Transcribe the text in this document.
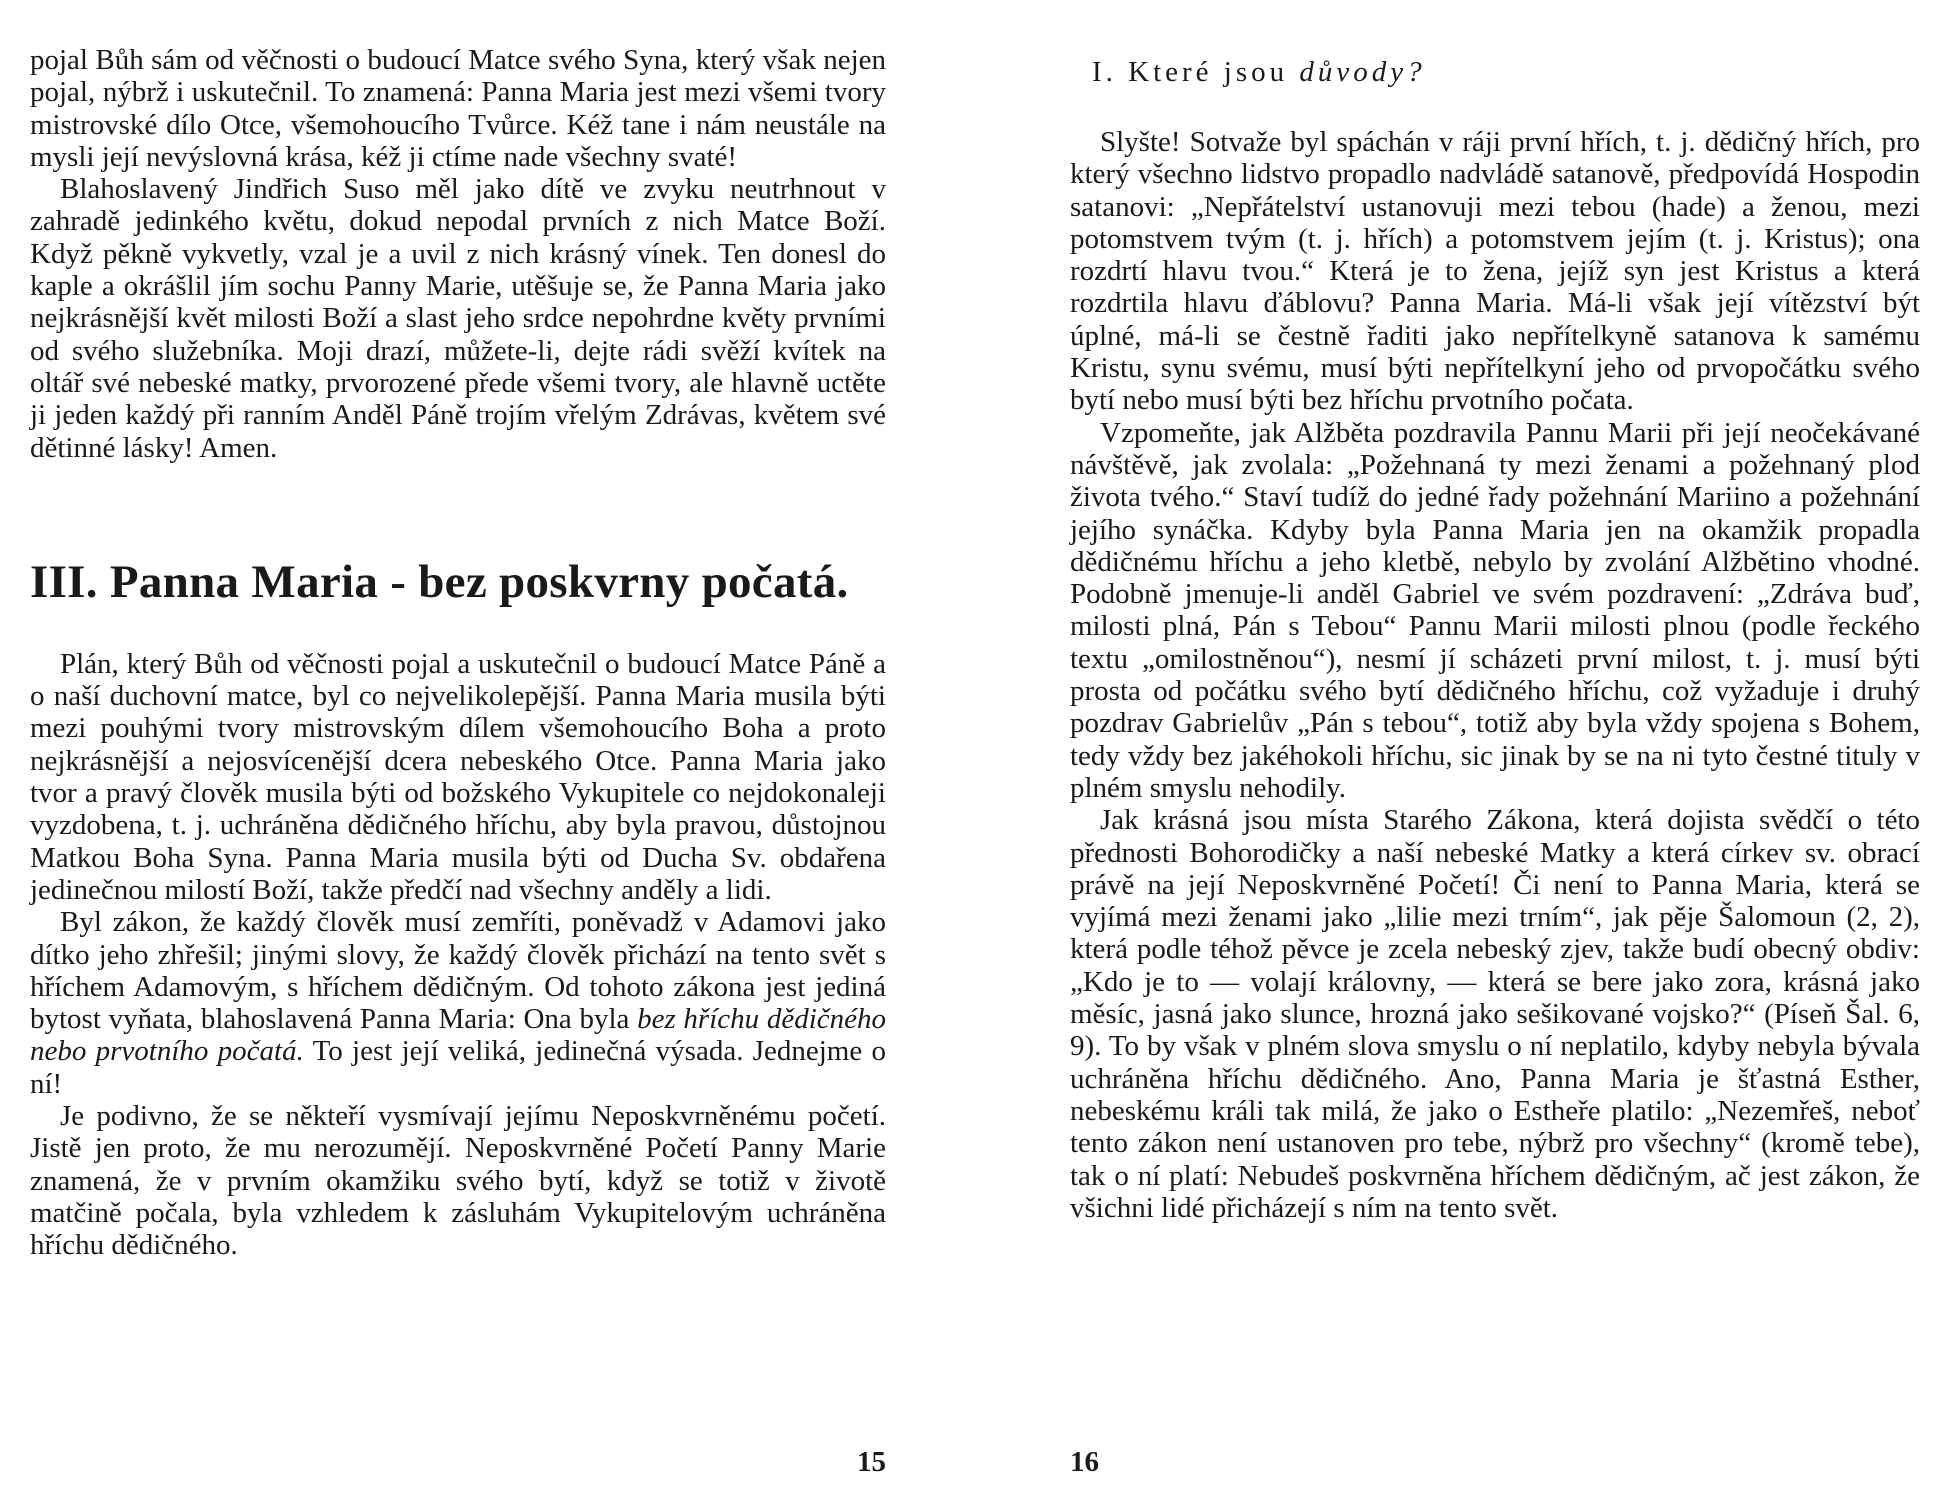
pojal Bůh sám od věčnosti o budoucí Matce svého Syna, který však nejen pojal, nýbrž i uskutečnil. To znamená: Panna Maria jest mezi všemi tvory mistrovské dílo Otce, všemohoucího Tvůrce. Kéž tane i nám neustále na mysli její nevýslovná krása, kéž ji ctíme nade všechny svaté!

Blahoslavený Jindřich Suso měl jako dítě ve zvyku neutrhnout v zahradě jedinkého květu, dokud nepodal prvních z nich Matce Boží. Když pěkně vykvetly, vzal je a uvil z nich krásný vínek. Ten donesl do kaple a okrášlil jím sochu Panny Marie, utěšuje se, že Panna Maria jako nejkrásnější květ milosti Boží a slast jeho srdce nepohrdne květy prvními od svého služebníka. Moji drazí, můžete-li, dejte rádi svěží kvítek na oltář své nebeské matky, prvorozené přede všemi tvory, ale hlavně uctěte ji jeden každý při ranním Anděl Páně trojím vřelým Zdrávas, květem své dětinné lásky! Amen.

III. Panna Maria - bez poskvrny počatá.

Plán, který Bůh od věčnosti pojal a uskutečnil o budoucí Matce Páně a o naší duchovní matce, byl co nejvelikolepější. Panna Maria musila býti mezi pouhými tvory mistrovským dílem všemohoucího Boha a proto nejkrásnější a nejosvícenější dcera nebeského Otce. Panna Maria jako tvor a pravý člověk musila býti od božského Vykupitele co nejdokonaleji vyzdobena, t. j. uchráněna dědičného hříchu, aby byla pravou, důstojnou Matkou Boha Syna. Panna Maria musila býti od Ducha Sv. obdařena jedinečnou milostí Boží, takže předčí nad všechny anděly a lidi.

Byl zákon, že každý člověk musí zemříti, poněvadž v Adamovi jako dítko jeho zhřešil; jinými slovy, že každý člověk přichází na tento svět s hříchem Adamovým, s hříchem dědičným. Od tohoto zákona jest jediná bytost vyňata, blahoslavená Panna Maria: Ona byla bez hříchu dědičného nebo prvotního počatá. To jest její veliká, jedinečná výsada. Jednejme o ní!

Je podivno, že se někteří vysmívají jejímu Neposkvrněnému početí. Jistě jen proto, že mu nerozumějí. Neposkvrněné Početí Panny Marie znamená, že v prvním okamžiku svého bytí, když se totiž v životě matčině počala, byla vzhledem k zásluhám Vykupitelovým uchráněna hříchu dědičného.

15
I. Které jsou důvody?

Slyšte! Sotvaže byl spáchán v ráji první hřích, t. j. dědičný hřích, pro který všechno lidstvo propadlo nadvládě satanově, předpovídá Hospodin satanovi: „Nepřátelství ustanovuji mezi tebou (hade) a ženou, mezi potomstvem tvým (t. j. hřích) a potomstvem jejím (t. j. Kristus); ona rozdrtí hlavu tvou.“ Která je to žena, jejíž syn jest Kristus a která rozdrtila hlavu ďáblovu? Panna Maria. Má-li však její vítězství být úplné, má-li se čestně řaditi jako nepřítelkyně satanova k samému Kristu, synu svému, musí býti nepřítelkyní jeho od prvopočátku svého bytí nebo musí býti bez hříchu prvotního počata.

Vzpomeňte, jak Alžběta pozdravila Pannu Marii při její neočekávané návštěvě, jak zvolala: „Požehnaná ty mezi ženami a požehnaný plod života tvého.“ Staví tudíž do jedné řady požehnání Mariino a požehnání jejího synáčka. Kdyby byla Panna Maria jen na okamžik propadla dědičnému hříchu a jeho kletbě, nebylo by zvolání Alžbětino vhodné. Podobně jmenuje-li anděl Gabriel ve svém pozdravení: „Zdráva buď, milosti plná, Pán s Tebou“ Pannu Marii milosti plnou (podle řeckého textu „omilostněnou“), nesmí jí scházeti první milost, t. j. musí býti prosta od počátku svého bytí dědičného hříchu, což vyžaduje i druhý pozdrav Gabrielův „Pán s tebou“, totiž aby byla vždy spojena s Bohem, tedy vždy bez jakéhokoli hříchu, sic jinak by se na ni tyto čestné tituly v plném smyslu nehodily.

Jak krásná jsou místa Starého Zákona, která dojista svědčí o této přednosti Bohorodičky a naší nebeské Matky a která církev sv. obrací právě na její Neposkvrněné Početí! Či není to Panna Maria, která se vyjímá mezi ženami jako „lilie mezi trním“, jak pěje Šalomoun (2, 2), která podle téhož pěvce je zcela nebeský zjev, takže budí obecný obdiv: „Kdo je to — volají královny, — která se bere jako zora, krásná jako měsíc, jasná jako slunce, hrozná jako sešikované vojsko?“ (Píseň Šal. 6, 9). To by však v plném slova smyslu o ní neplatilo, kdyby nebyla bývala uchráněna hříchu dědičného. Ano, Panna Maria je šťastná Esther, nebeskému králi tak milá, že jako o Estheře platilo: „Nezemřeš, neboť tento zákon není ustanoven pro tebe, nýbrž pro všechny“ (kromě tebe), tak o ní platí: Nebudeš poskvrněna hříchem dědičným, ač jest zákon, že všichni lidé přicházejí s ním na tento svět.

16
